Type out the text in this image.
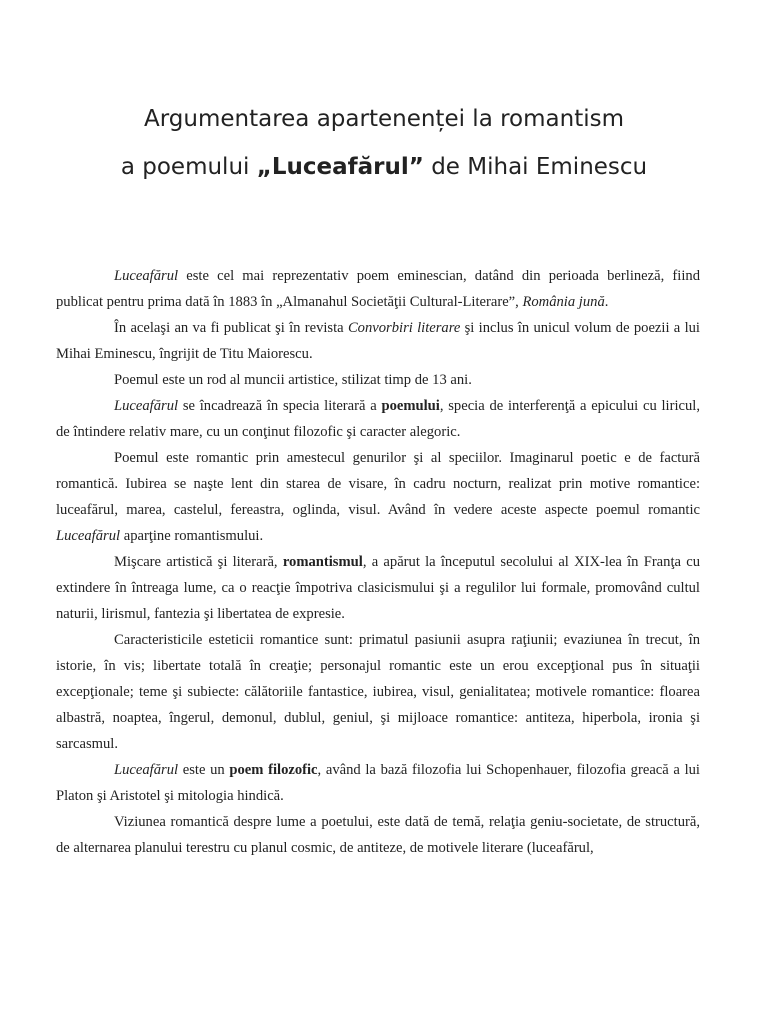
Argumentarea apartenenței la romantism
a poemului „Luceafărul” de Mihai Eminescu

Luceafărul este cel mai reprezentativ poem eminescian, datând din perioada berlineză, fiind publicat pentru prima dată în 1883 în „Almanahul Societăţii Cultural-Literare”, România jună.

În acelaşi an va fi publicat şi în revista Convorbiri literare şi inclus în unicul volum de poezii a lui Mihai Eminescu, îngrijit de Titu Maiorescu.

Poemul este un rod al muncii artistice, stilizat timp de 13 ani.

Luceafărul se încadrează în specia literară a poemului, specia de interferenţă a epicului cu liricul, de întindere relativ mare, cu un conţinut filozofic şi caracter alegoric.

Poemul este romantic prin amestecul genurilor şi al speciilor. Imaginarul poetic e de factură romantică. Iubirea se naşte lent din starea de visare, în cadru nocturn, realizat prin motive romantice: luceafărul, marea, castelul, fereastra, oglinda, visul. Având în vedere aceste aspecte poemul romantic Luceafărul aparţine romantismului.

Mişcare artistică şi literară, romantismul, a apărut la începutul secolului al XIX-lea în Franţa cu extindere în întreaga lume, ca o reacţie împotriva clasicismului şi a regulilor lui formale, promovând cultul naturii, lirismul, fantezia şi libertatea de expresie.

Caracteristicile esteticii romantice sunt: primatul pasiunii asupra raţiunii; evaziunea în trecut, în istorie, în vis; libertate totală în creaţie; personajul romantic este un erou excepţional pus în situaţii excepţionale; teme şi subiecte: călătoriile fantastice, iubirea, visul, genialitatea; motivele romantice: floarea albastră, noaptea, îngerul, demonul, dublul, geniul, şi mijloace romantice: antiteza, hiperbola, ironia şi sarcasmul.

Luceafărul este un poem filozofic, având la bază filozofia lui Schopenhauer, filozofia greacă a lui Platon şi Aristotel şi mitologia hindică.

Viziunea romantică despre lume a poetului, este dată de temă, relaţia geniu-societate, de structură, de alternarea planului terestru cu planul cosmic, de antiteze, de motivele literare (luceafărul,
